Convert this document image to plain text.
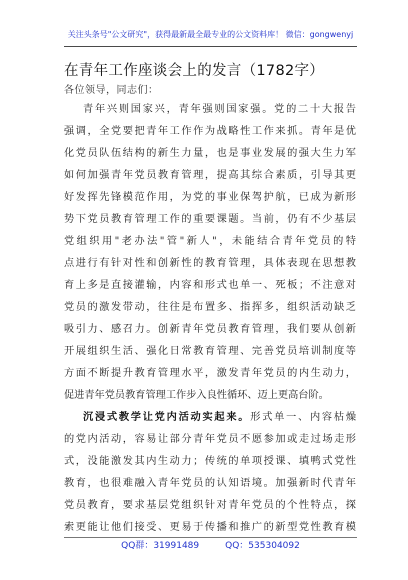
关注头条号"公文研究"，获得最新最全最专业的公文资料库！ 微信：gongwenyj
在青年工作座谈会上的发言（1782字）
各位领导，同志们：
青年兴则国家兴，青年强则国家强。党的二十大报告
强调，全党要把青年工作作为战略性工作来抓。青年是优
化党员队伍结构的新生力量，也是事业发展的强大生力军
如何加强青年党员教育管理，提高其综合素质，引导其更
好发挥先锋模范作用，为党的事业保驾护航，已成为新形
势下党员教育管理工作的重要课题。当前，仍有不少基层
党组织用"老办法"管"新人"，未能结合青年党员的特
点进行有针对性和创新性的教育管理，具体表现在思想教
育上多是直接灌输，内容和形式也单一、死板；不注意对
党员的激发带动，往往是布置多、指挥多，组织活动缺乏
吸引力、感召力。创新青年党员教育管理，我们要从创新
开展组织生活、强化日常教育管理、完善党员培训制度等
方面不断提升教育管理水平，激发青年党员的内生动力，
促进青年党员教育管理工作步入良性循环、迈上更高台阶。
沉浸式教学让党内活动实起来。形式单一、内容枯燥
的党内活动，容易让部分青年党员不愿参加或走过场走形
式，没能激发其内生动力；传统的单项授课、填鸭式党性
教育，也很难融入青年党员的认知语境。加强新时代青年
党员教育，要求基层党组织针对青年党员的个性特点，探
索更能让他们接受、更易于传播和推广的新型党性教育模
QQ群：31991489	QQ：535304092
